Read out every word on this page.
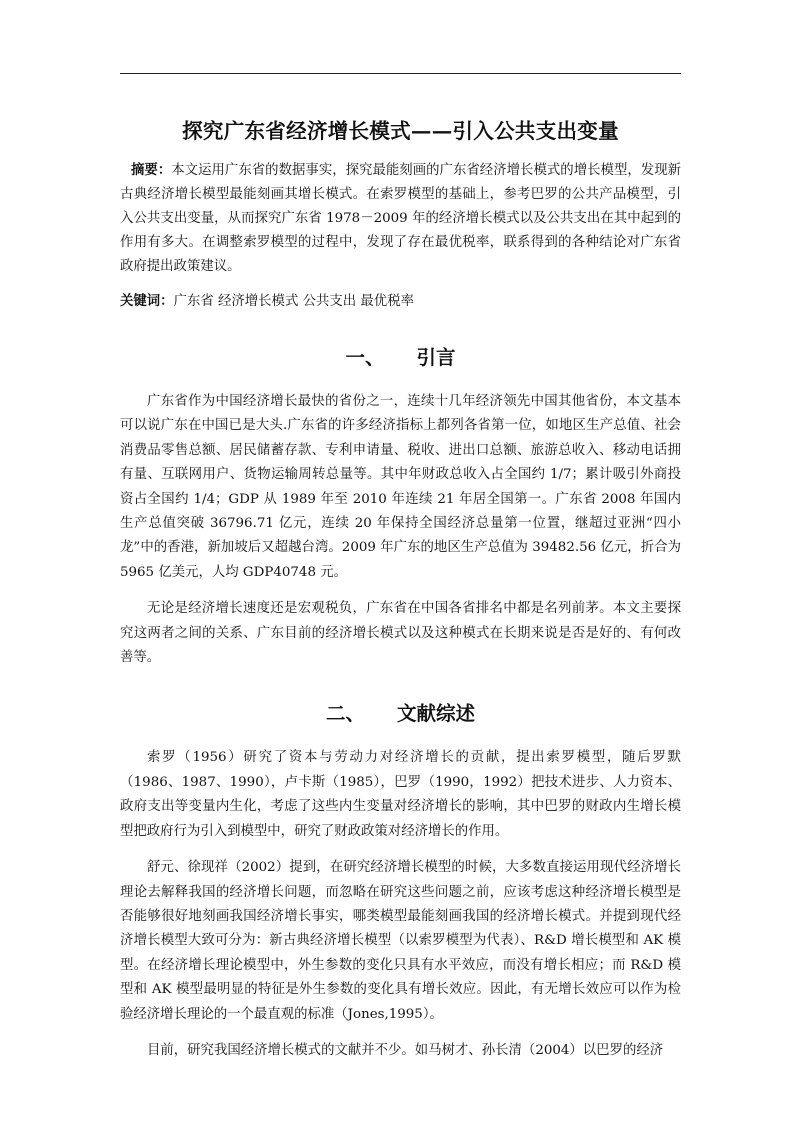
探究广东省经济增长模式——引入公共支出变量

摘要：本文运用广东省的数据事实，探究最能刻画的广东省经济增长模式的增长模型，发现新古典经济增长模型最能刻画其增长模式。在索罗模型的基础上，参考巴罗的公共产品模型，引入公共支出变量，从而探究广东省 1978－2009 年的经济增长模式以及公共支出在其中起到的作用有多大。在调整索罗模型的过程中，发现了存在最优税率，联系得到的各种结论对广东省政府提出政策建议。

关键词：广东省 经济增长模式 公共支出 最优税率

一、 引言

广东省作为中国经济增长最快的省份之一，连续十几年经济领先中国其他省份，本文基本可以说广东在中国已是大头.广东省的许多经济指标上都列各省第一位，如地区生产总值、社会消费品零售总额、居民储蓄存款、专利申请量、税收、进出口总额、旅游总收入、移动电话拥有量、互联网用户、货物运输周转总量等。其中年财政总收入占全国约 1/7；累计吸引外商投资占全国约 1/4；GDP 从 1989 年至 2010 年连续 21 年居全国第一。广东省 2008 年国内生产总值突破 36796.71 亿元，连续 20 年保持全国经济总量第一位置，继超过亚洲“四小龙”中的香港，新加坡后又超越台湾。2009 年广东的地区生产总值为 39482.56 亿元，折合为 5965 亿美元，人均 GDP40748 元。

无论是经济增长速度还是宏观税负，广东省在中国各省排名中都是名列前茅。本文主要探究这两者之间的关系、广东目前的经济增长模式以及这种模式在长期来说是否是好的、有何改善等。

二、 文献综述

索罗（1956）研究了资本与劳动力对经济增长的贡献，提出索罗模型，随后罗默（1986、1987、1990），卢卡斯（1985），巴罗（1990，1992）把技术进步、人力资本、政府支出等变量内生化，考虑了这些内生变量对经济增长的影响，其中巴罗的财政内生增长模型把政府行为引入到模型中，研究了财政政策对经济增长的作用。

舒元、徐现祥（2002）提到，在研究经济增长模型的时候，大多数直接运用现代经济增长理论去解释我国的经济增长问题，而忽略在研究这些问题之前，应该考虑这种经济增长模型是否能够很好地刻画我国经济增长事实，哪类模型最能刻画我国的经济增长模式。并提到现代经济增长模型大致可分为：新古典经济增长模型（以索罗模型为代表）、R&D 增长模型和 AK 模型。在经济增长理论模型中，外生参数的变化只具有水平效应，而没有增长相应；而 R&D 模型和 AK 模型最明显的特征是外生参数的变化具有增长效应。因此，有无增长效应可以作为检验经济增长理论的一个最直观的标准（Jones,1995）。

目前，研究我国经济增长模式的文献并不少。如马树才、孙长清（2004）以巴罗的经济
